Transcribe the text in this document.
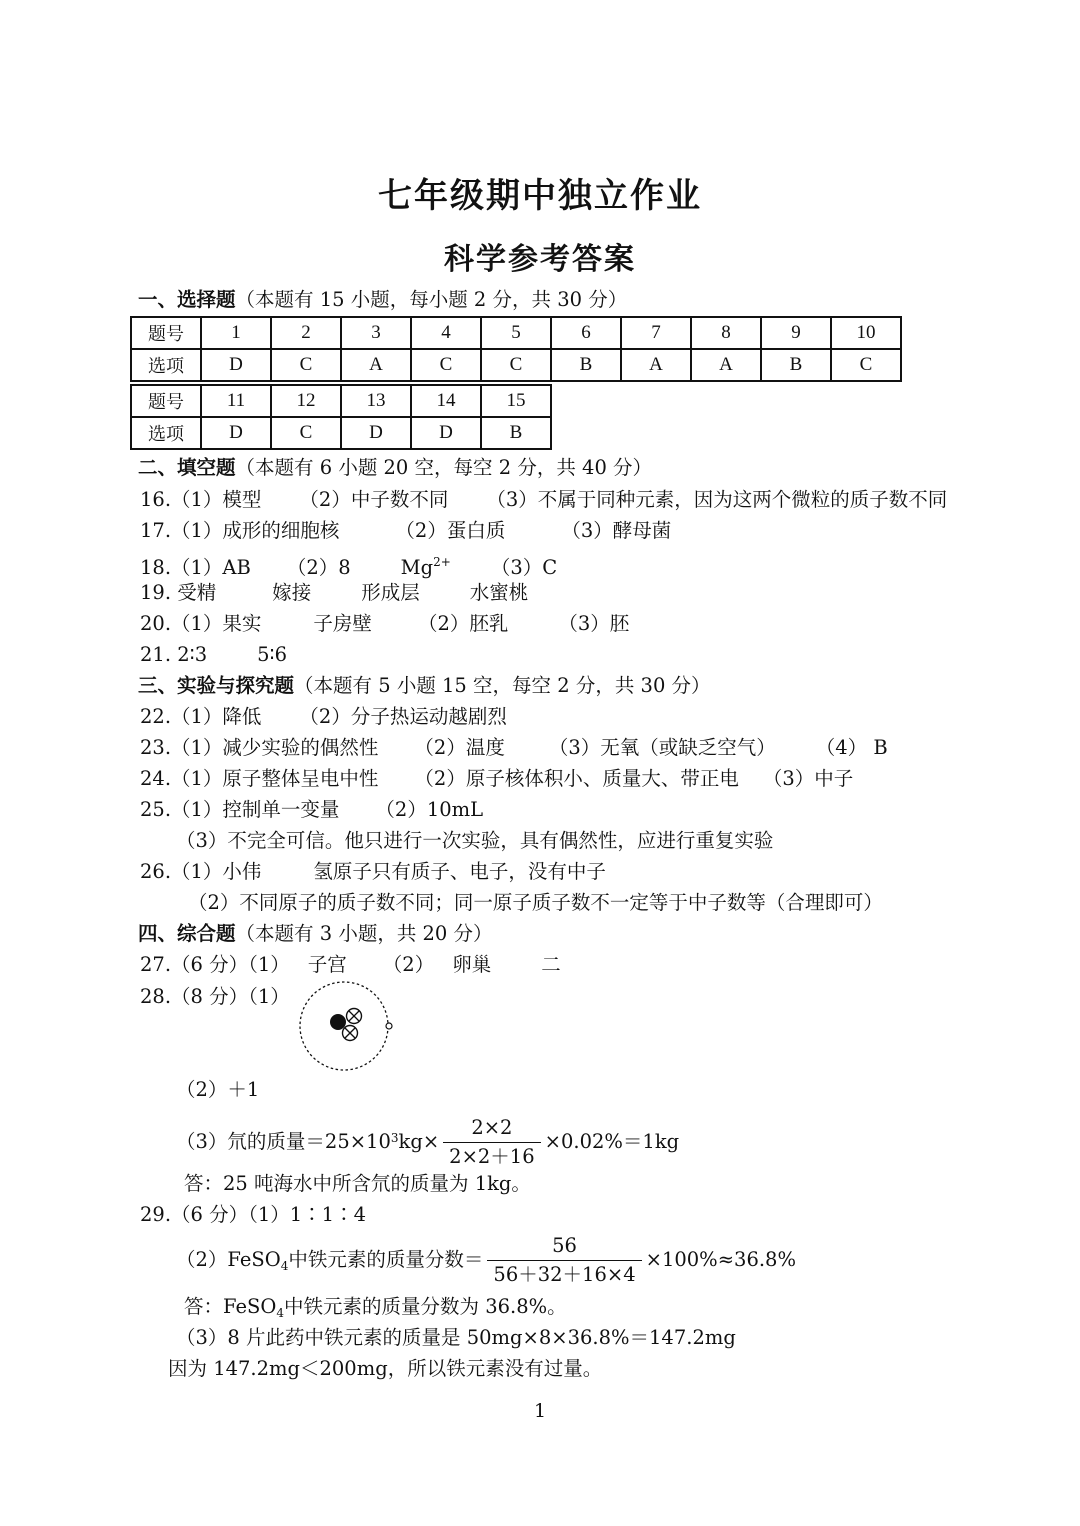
七年级期中独立作业
科学参考答案
一、选择题（本题有 15 小题，每小题 2 分，共 30 分）
题号	1	2	3	4	5	6	7	8	9	10
选项	D	C	A	C	C	B	A	A	B	C
题号	11	12	13	14	15
选项	D	C	D	D	B
二、填空题（本题有 6 小题 20 空，每空 2 分，共 40 分）
16.（1）模型 （2）中子数不同 （3）不属于同种元素，因为这两个微粒的质子数不同
17.（1）成形的细胞核	（2）蛋白质	（3）酵母菌
18.（1）AB （2）8	$Mg^{2+}$ （3）C
19. 受精	嫁接	形成层	水蜜桃
20.（1）果实	子房壁 （2）胚乳	（3）胚
21. 2∶3	5∶6
三、实验与探究题（本题有 5 小题 15 空，每空 2 分，共 30 分）
22.（1）降低 （2）分子热运动越剧烈
23.（1）减少实验的偶然性 （2）温度 （3）无氧（或缺乏空气） （4） B
24.（1）原子整体呈电中性 （2）原子核体积小、质量大、带正电 （3）中子
25.（1）控制单一变量 （2）10mL
（3）不完全可信。他只进行一次实验，具有偶然性，应进行重复实验
26.（1）小伟	氢原子只有质子、电子，没有中子
（2）不同原子的质子数不同；同一原子质子数不一定等于中子数等（合理即可）
四、综合题（本题有 3 小题，共 20 分）
27.（6 分）（1） 子宫 （2） 卵巢	二
28.（8 分）（1）
（2）＋1
（3）氘的质量$=25\times 10^3kg\times \frac{2\times 2}{2\times 2+16} \times 0.02\%=1kg$
答：25 吨海水中所含氘的质量为 1kg。
29.（6 分）（1）1∶1∶4
（2）FeSO$_4$中铁元素的质量分数＝ $\frac{56}{56+32+16\times 4} \times 100\%\approx 36.8\%$
答：FeSO$_4$中铁元素的质量分数为 36.8%。
（3）8 片此药中铁元素的质量是 50mg×8×36.8%＝147.2mg
因为 147.2mg＜200mg，所以铁元素没有过量。
1
